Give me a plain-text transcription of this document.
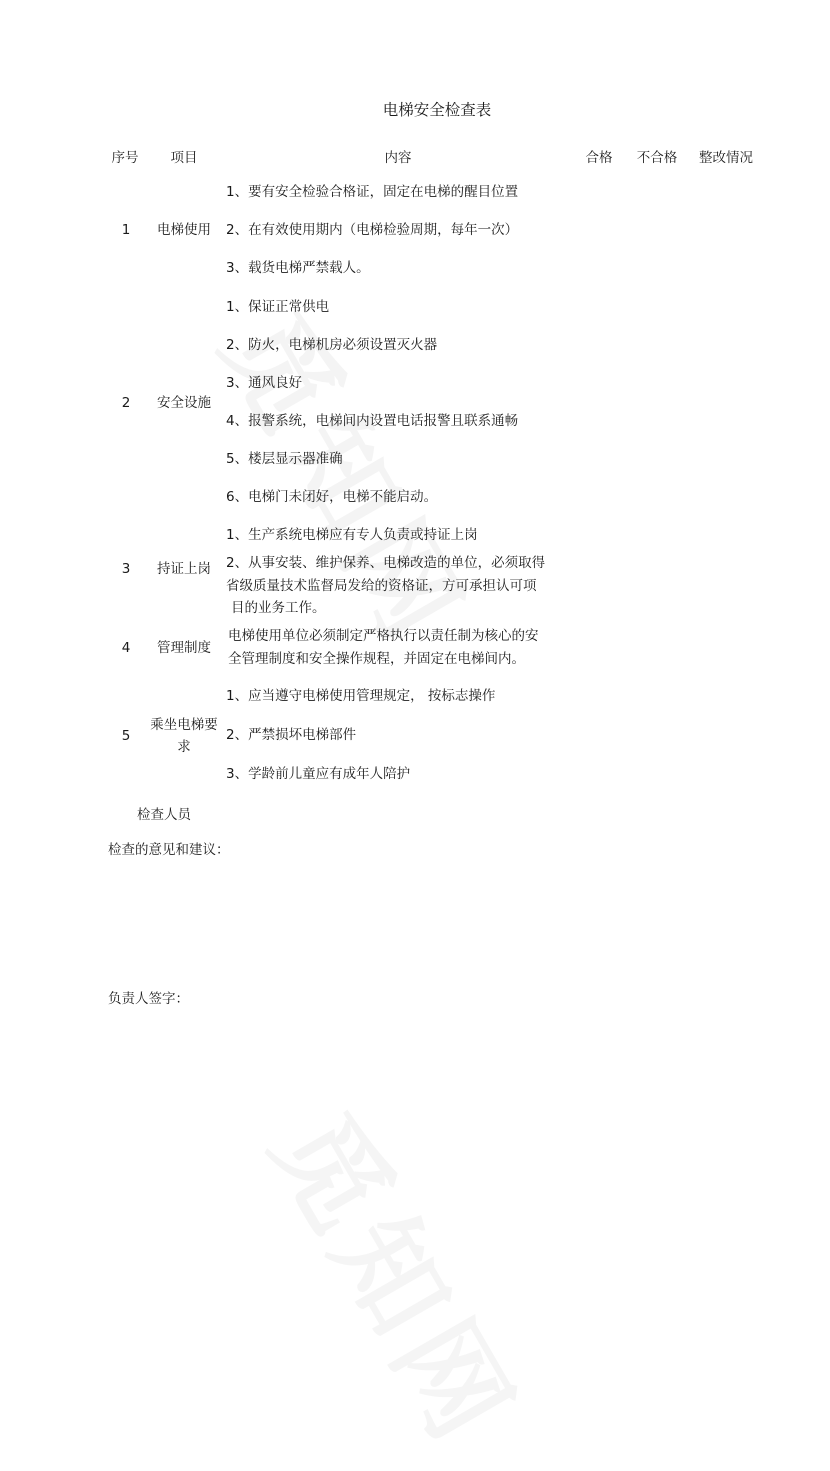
电梯安全检查表
序号 项目	内容	合格 不合格 整改情况
1 电梯使用
1、要有安全检验合格证，固定在电梯的醒目位置
2、在有效使用期内（电梯检验周期，每年一次）
3、载货电梯严禁载人。
2 安全设施
1、保证正常供电
2、防火，电梯机房必须设置灭火器
3、通风良好
4、报警系统，电梯间内设置电话报警且联系通畅
5、楼层显示器准确
6、电梯门未闭好，电梯不能启动。
3 持证上岗
1、生产系统电梯应有专人负责或持证上岗
2、从事安装、维护保养、电梯改造的单位，必须取得
省级质量技术监督局发给的资格证，方可承担认可项
目的业务工作。
4 管理制度
电梯使用单位必须制定严格执行以责任制为核心的安
全管理制度和安全操作规程，并固定在电梯间内。
5
乘坐电梯要
求
1、应当遵守电梯使用管理规定， 按标志操作
2、严禁损坏电梯部件
3、学龄前儿童应有成年人陪护
检查人员
检查的意见和建议：
负责人签字：
